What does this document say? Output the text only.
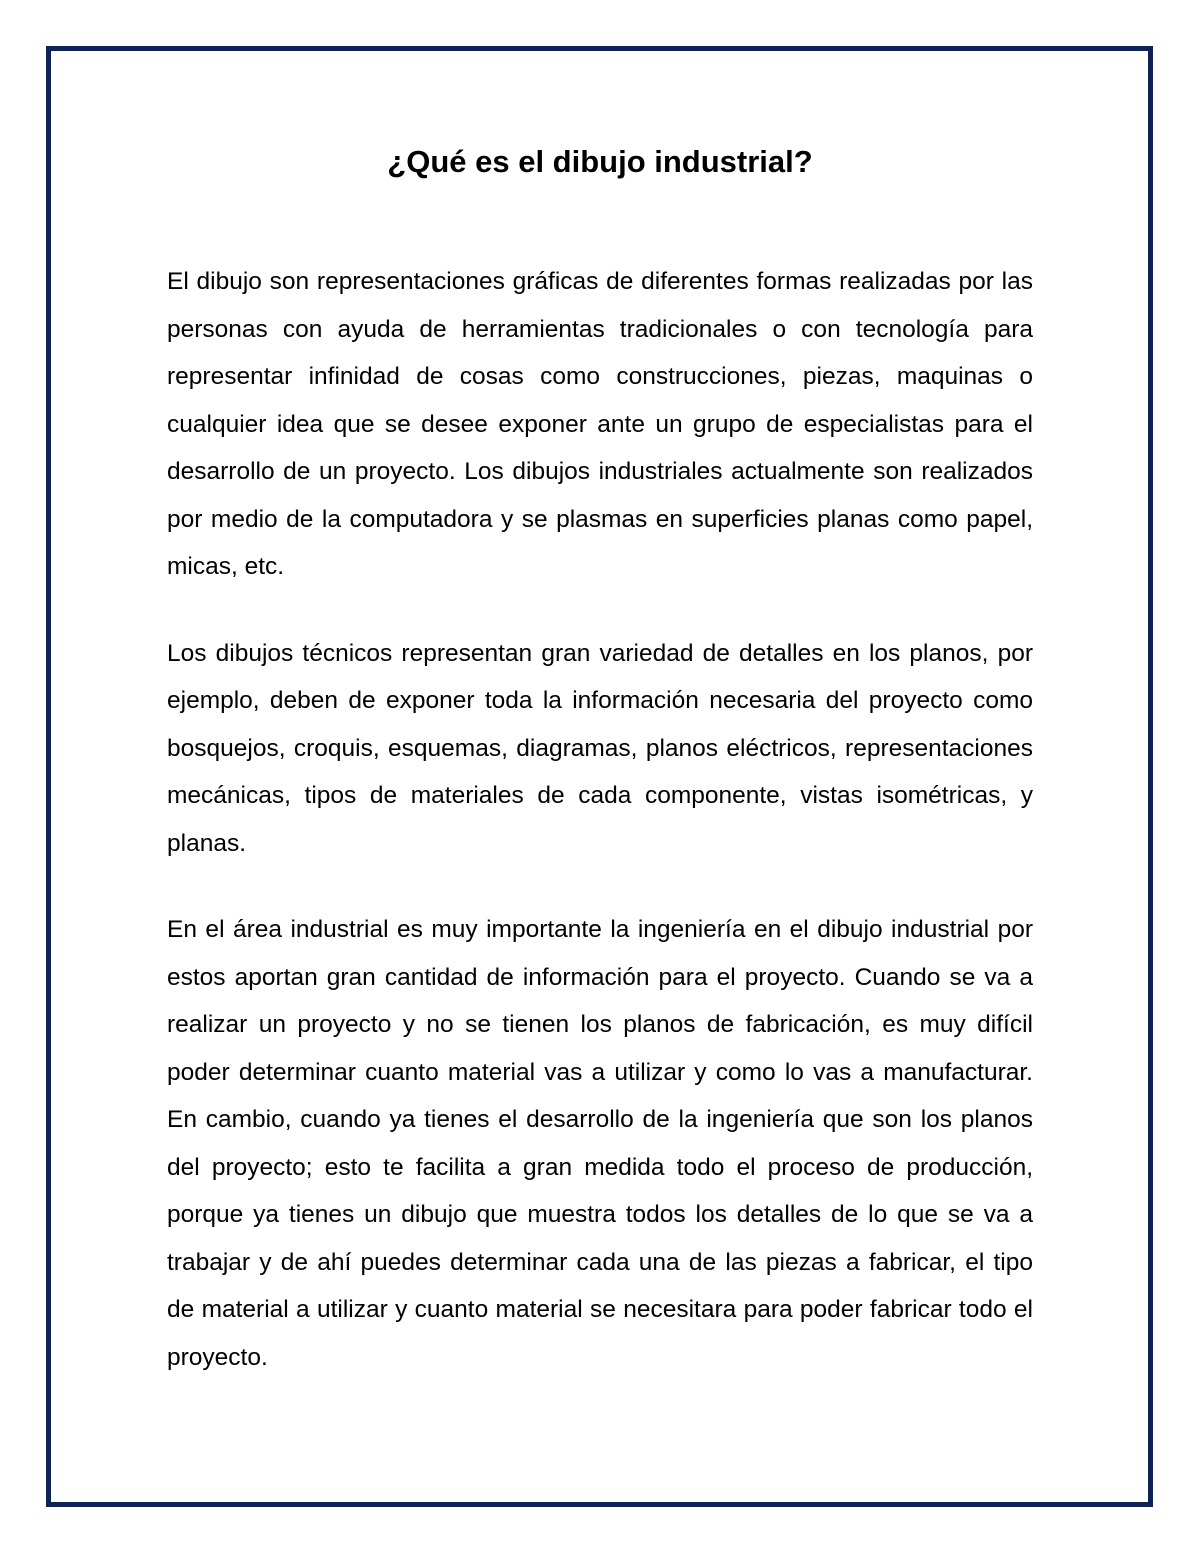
¿Qué es el dibujo industrial?

El dibujo son representaciones gráficas de diferentes formas realizadas por las personas con ayuda de herramientas tradicionales o con tecnología para representar infinidad de cosas como construcciones, piezas, maquinas o cualquier idea que se desee exponer ante un grupo de especialistas para el desarrollo de un proyecto. Los dibujos industriales actualmente son realizados por medio de la computadora y se plasmas en superficies planas como papel, micas, etc.

Los dibujos técnicos representan gran variedad de detalles en los planos, por ejemplo, deben de exponer toda la información necesaria del proyecto como bosquejos, croquis, esquemas, diagramas, planos eléctricos, representaciones mecánicas, tipos de materiales de cada componente, vistas isométricas, y planas.

En el área industrial es muy importante la ingeniería en el dibujo industrial por estos aportan gran cantidad de información para el proyecto. Cuando se va a realizar un proyecto y no se tienen los planos de fabricación, es muy difícil poder determinar cuanto material vas a utilizar y como lo vas a manufacturar. En cambio, cuando ya tienes el desarrollo de la ingeniería que son los planos del proyecto; esto te facilita a gran medida todo el proceso de producción, porque ya tienes un dibujo que muestra todos los detalles de lo que se va a trabajar y de ahí puedes determinar cada una de las piezas a fabricar, el tipo de material a utilizar y cuanto material se necesitara para poder fabricar todo el proyecto.
